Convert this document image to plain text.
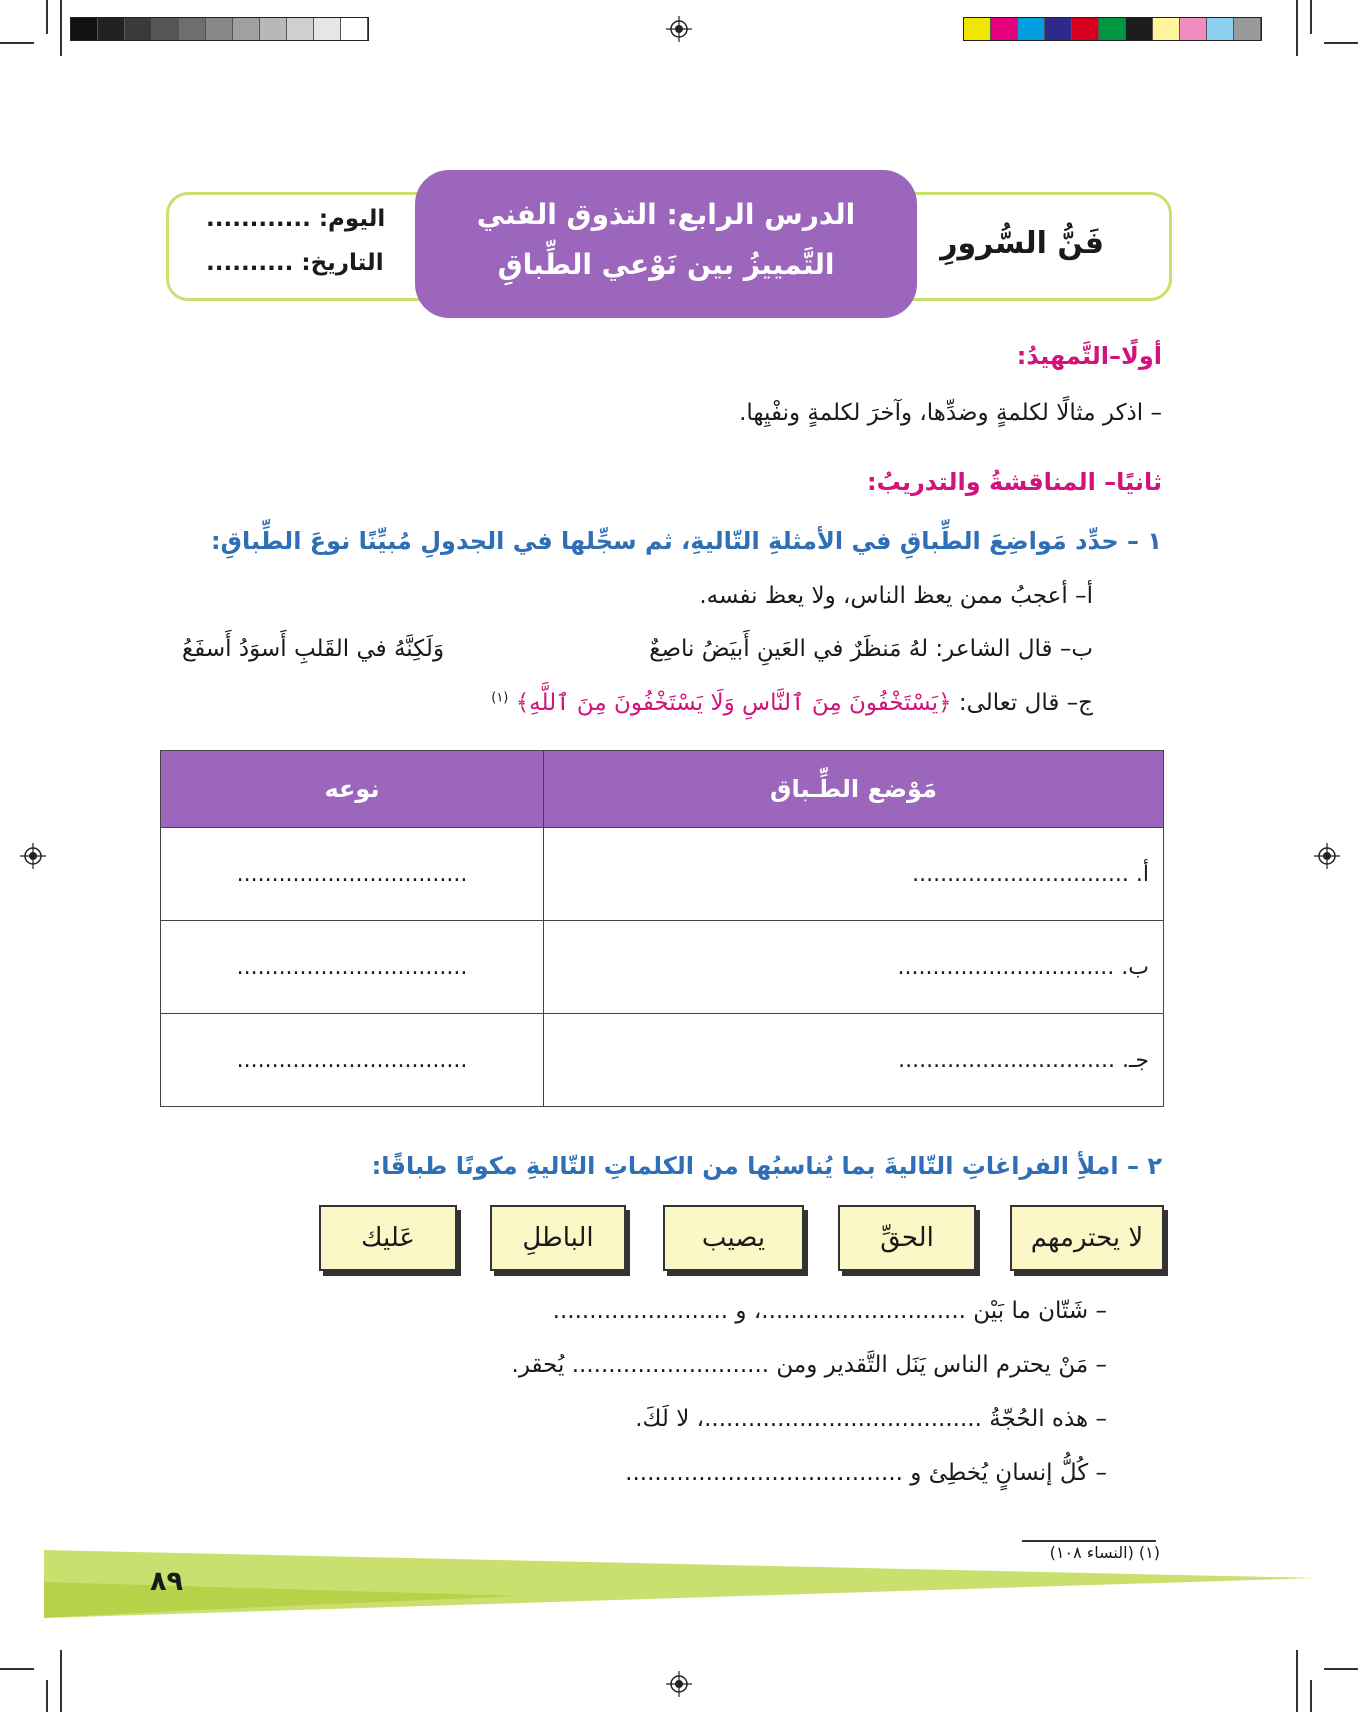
فَنُّ السُّرورِ
اليوم: ............
التاريخ: ..........
الدرس الرابع: التذوق الفني
التَّمييزُ بين نَوْعي الطِّباقِ
أولًا–التَّمهيدُ:
– اذكر مثالًا لكلمةٍ وضدِّها، وآخرَ لكلمةٍ ونفْيِها.
ثانيًا– المناقشةُ والتدريبُ:
١ – حدِّد مَواضِعَ الطِّباقِ في الأمثلةِ التّاليةِ، ثم سجِّلها في الجدولِ مُبيِّنًا نوعَ الطِّباقِ:
أ– أعجبُ ممن يعظ الناس، ولا يعظ نفسه.
ب– قال الشاعر: لهُ مَنظَرٌ في العَينِ أَبيَضُ ناصِعٌ
وَلَكِنَّهُ في القَلبِ أَسوَدُ أَسفَعُ
ج– قال تعالى: ﴿يَسْتَخْفُونَ مِنَ ٱلنَّاسِ وَلَا يَسْتَخْفُونَ مِنَ ٱللَّهِ﴾ $^{(١)}$
مَوْضع الطِّـباق	نوعه
أ. ...............................	.................................
ب. ...............................	.................................
جـ. ...............................	.................................
٢ – املأِ الفراغاتِ التّاليةَ بما يُناسبُها من الكلماتِ التّاليةِ مكونًا طباقًا:
لا يحترمهم
الحقِّ
يصيب
الباطلِ
عَليك
– شَتّان ما بَيْن ............................، و ........................
– مَنْ يحترم الناس يَنَل التَّقدير ومن ........................... يُحقر.
– هذه الحُجّةُ ......................................، لا لَكَ.
– كُلُّ إنسانٍ يُخطِئ و ......................................
(١) (النساء ١٠٨)
٨٩
